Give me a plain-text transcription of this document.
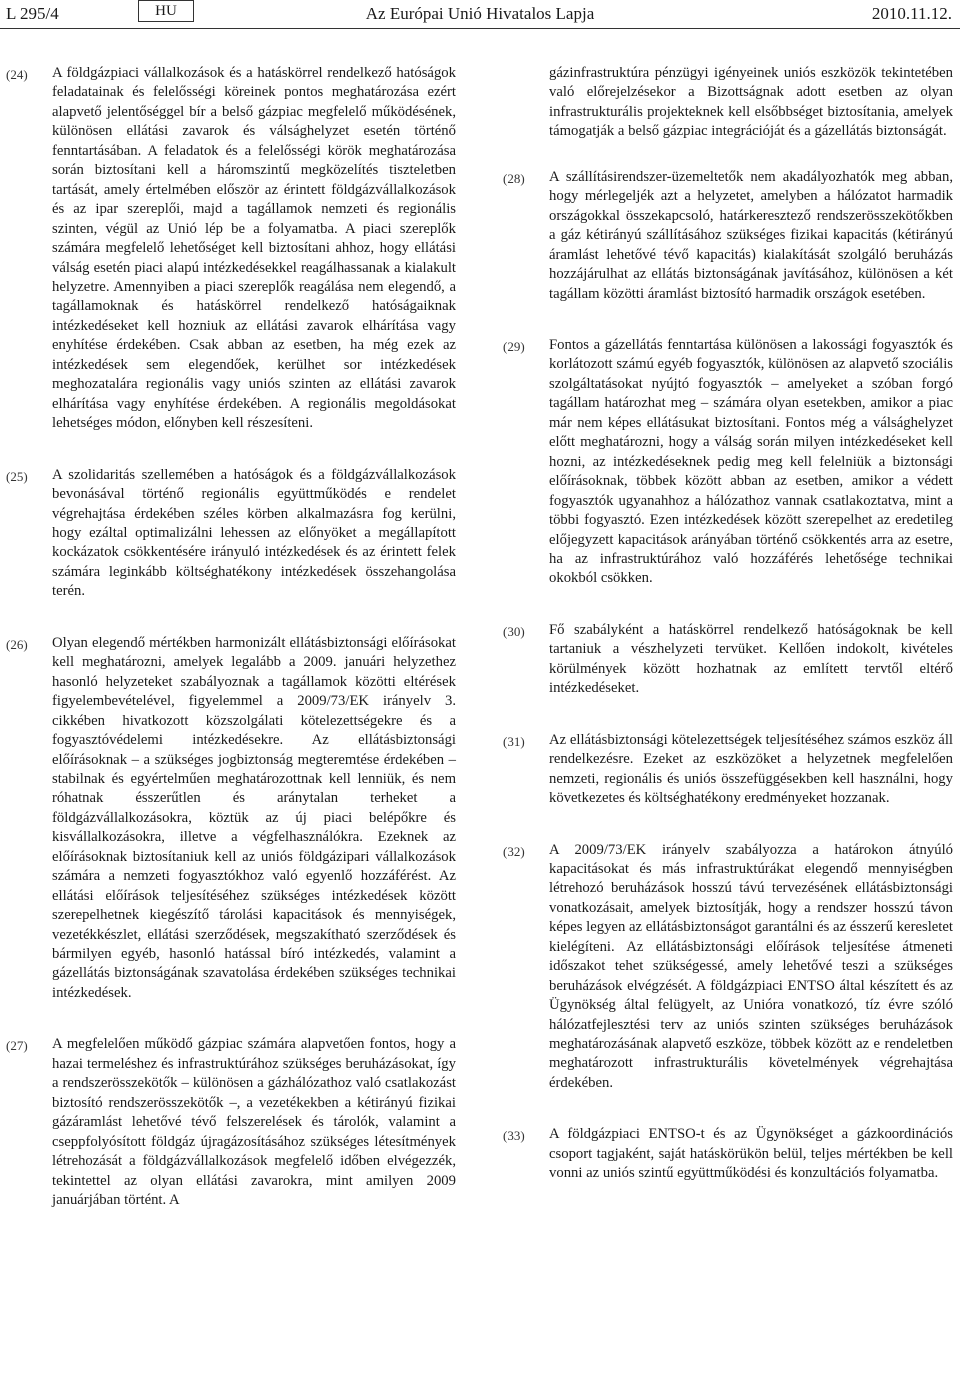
L 295/4	HU	Az Európai Unió Hivatalos Lapja	2010.11.12.
(24) A földgázpiaci vállalkozások és a hatáskörrel rendelkező hatóságok feladatainak és felelősségi köreinek pontos meghatározása ezért alapvető jelentőséggel bír a belső gázpiac megfelelő működésének, különösen ellátási zavarok és válsághelyzet esetén történő fenntartásában. A feladatok és a felelősségi körök meghatározása során biztosítani kell a háromszintű megközelítés tiszteletben tartását, amely értelmében először az érintett földgázvállalkozások és az ipar szereplői, majd a tagállamok nemzeti és regionális szinten, végül az Unió lép be a folyamatba. A piaci szereplők számára megfelelő lehetőséget kell biztosítani ahhoz, hogy ellátási válság esetén piaci alapú intézkedésekkel reagálhassanak a kialakult helyzetre. Amennyiben a piaci szereplők reagálása nem elegendő, a tagállamoknak és hatáskörrel rendelkező hatóságaiknak intézkedéseket kell hozniuk az ellátási zavarok elhárítása vagy enyhítése érdekében. Csak abban az esetben, ha még ezek az intézkedések sem elegendőek, kerülhet sor intézkedések meghozatalára regionális vagy uniós szinten az ellátási zavarok elhárítása vagy enyhítése érdekében. A regionális megoldásokat lehetséges módon, előnyben kell részesíteni.

(25) A szolidaritás szellemében a hatóságok és a földgázvállalkozások bevonásával történő regionális együttműködés e rendelet végrehajtása érdekében széles körben alkalmazásra fog kerülni, hogy ezáltal optimalizálni lehessen az előnyöket a megállapított kockázatok csökkentésére irányuló intézkedések és az érintett felek számára leginkább költséghatékony intézkedések összehangolása terén.

(26) Olyan elegendő mértékben harmonizált ellátásbiztonsági előírásokat kell meghatározni, amelyek legalább a 2009. januári helyzethez hasonló helyzeteket szabályoznak a tagállamok közötti eltérések figyelembevételével, figyelemmel a 2009/73/EK irányelv 3. cikkében hivatkozott közszolgálati kötelezettségekre és a fogyasztóvédelemi intézkedésekre. Az ellátásbiztonsági előírásoknak – a szükséges jogbiztonság megteremtése érdekében – stabilnak és egyértelműen meghatározottnak kell lenniük, és nem róhatnak ésszerűtlen és aránytalan terheket a földgázvállalkozásokra, köztük az új piaci belépőkre és kisvállalkozásokra, illetve a végfelhasználókra. Ezeknek az előírásoknak biztosítaniuk kell az uniós földgázipari vállalkozások számára a nemzeti fogyasztókhoz való egyenlő hozzáférést. Az ellátási előírások teljesítéséhez szükséges intézkedések között szerepelhetnek kiegészítő tárolási kapacitások és mennyiségek, vezetékkészlet, ellátási szerződések, megszakítható szerződések és bármilyen egyéb, hasonló hatással bíró intézkedés, valamint a gázellátás biztonságának szavatolása érdekében szükséges technikai intézkedések.

(27) A megfelelően működő gázpiac számára alapvetően fontos, hogy a hazai termeléshez és infrastruktúrához szükséges beruházásokat, így a rendszerösszekötők – különösen a gázhálózathoz való csatlakozást biztosító rendszerösszekötők –, a vezetékekben a kétirányú fizikai gázáramlást lehetővé tévő felszerelések és tárolók, valamint a cseppfolyósított földgáz újragázosításához szükséges létesítmények létrehozását a földgázvállalkozások megfelelő időben elvégezzék, tekintettel az olyan ellátási zavarokra, mint amilyen 2009 januárjában történt. A

gázinfrastruktúra pénzügyi igényeinek uniós eszközök tekintetében való előrejelzésekor a Bizottságnak adott esetben az olyan infrastrukturális projekteknek kell elsőbbséget biztosítania, amelyek támogatják a belső gázpiac integrációját és a gázellátás biztonságát.

(28) A szállításirendszer-üzemeltetők nem akadályozhatók meg abban, hogy mérlegeljék azt a helyzetet, amelyben a hálózatot harmadik országokkal összekapcsoló, határkeresztező rendszerösszekötőkben a gáz kétirányú szállításához szükséges fizikai kapacitás (kétirányú áramlást lehetővé tévő kapacitás) kialakítását szolgáló beruházás hozzájárulhat az ellátás biztonságának javításához, különösen a két tagállam közötti áramlást biztosító harmadik országok esetében.

(29) Fontos a gázellátás fenntartása különösen a lakossági fogyasztók és korlátozott számú egyéb fogyasztók, különösen az alapvető szociális szolgáltatásokat nyújtó fogyasztók – amelyeket a szóban forgó tagállam határozhat meg – számára olyan esetekben, amikor a piac már nem képes ellátásukat biztosítani. Fontos még a válsághelyzet előtt meghatározni, hogy a válság során milyen intézkedéseket kell hozni, az intézkedéseknek pedig meg kell felelniük a biztonsági előírásoknak, többek között abban az esetben, amikor a védett fogyasztók ugyanahhoz a hálózathoz vannak csatlakoztatva, mint a többi fogyasztó. Ezen intézkedések között szerepelhet az eredetileg előjegyzett kapacitások arányában történő csökkentés arra az esetre, ha az infrastruktúrához való hozzáférés lehetősége technikai okokból csökken.

(30) Fő szabályként a hatáskörrel rendelkező hatóságoknak be kell tartaniuk a vészhelyzeti tervüket. Kellően indokolt, kivételes körülmények között hozhatnak az említett tervtől eltérő intézkedéseket.

(31) Az ellátásbiztonsági kötelezettségek teljesítéséhez számos eszköz áll rendelkezésre. Ezeket az eszközöket a helyzetnek megfelelően nemzeti, regionális és uniós összefüggésekben kell használni, hogy következetes és költséghatékony eredményeket hozzanak.

(32) A 2009/73/EK irányelv szabályozza a határokon átnyúló kapacitásokat és más infrastruktúrákat elegendő mennyiségben létrehozó beruházások hosszú távú tervezésének ellátásbiztonsági vonatkozásait, amelyek biztosítják, hogy a rendszer hosszú távon képes legyen az ellátásbiztonságot garantálni és az ésszerű keresletet kielégíteni. Az ellátásbiztonsági előírások teljesítése átmeneti időszakot tehet szükségessé, amely lehetővé teszi a szükséges beruházások elvégzését. A földgázpiaci ENTSO által készített és az Ügynökség által felügyelt, az Unióra vonatkozó, tíz évre szóló hálózatfejlesztési terv az uniós szinten szükséges beruházások meghatározásának alapvető eszköze, többek között az e rendeletben meghatározott infrastrukturális követelmények végrehajtása érdekében.

(33) A földgázpiaci ENTSO-t és az Ügynökséget a gázkoordinációs csoport tagjaként, saját hatáskörükön belül, teljes mértékben be kell vonni az uniós szintű együttműködési és konzultációs folyamatba.
